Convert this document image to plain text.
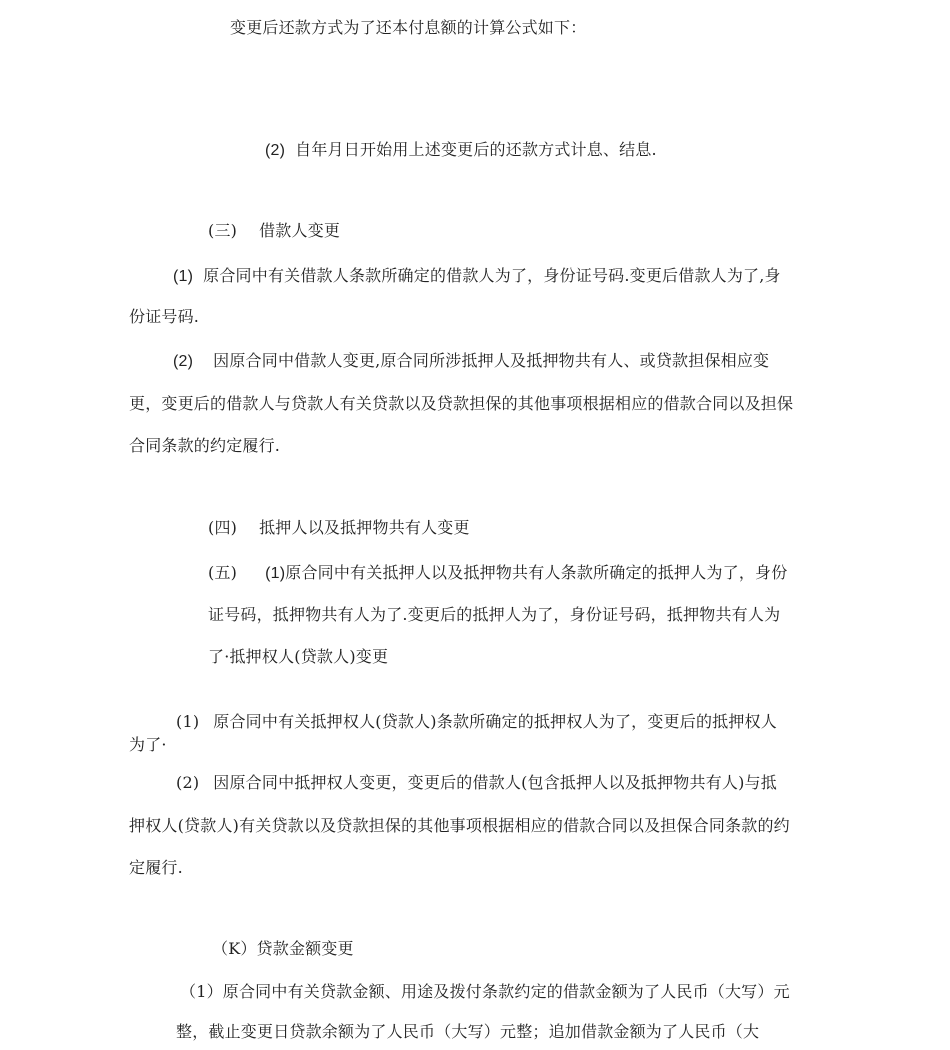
变更后还款方式为了还本付息额的计算公式如下：
(2) 自年月日开始用上述变更后的还款方式计息、结息.
(三) 借款人变更
(1) 原合同中有关借款人条款所确定的借款人为了，身份证号码.变更后借款人为了,身
份证号码.
(2) 因原合同中借款人变更,原合同所涉抵押人及抵押物共有人、或贷款担保相应变
更，变更后的借款人与贷款人有关贷款以及贷款担保的其他事项根据相应的借款合同以及担保
合同条款的约定履行.
(四) 抵押人以及抵押物共有人变更
(五) (1)原合同中有关抵押人以及抵押物共有人条款所确定的抵押人为了，身份
证号码，抵押物共有人为了.变更后的抵押人为了，身份证号码，抵押物共有人为
了·抵押权人(贷款人)变更
(1) 原合同中有关抵押权人(贷款人)条款所确定的抵押权人为了，变更后的抵押权人
为了·
(2) 因原合同中抵押权人变更，变更后的借款人(包含抵押人以及抵押物共有人)与抵
押权人(贷款人)有关贷款以及贷款担保的其他事项根据相应的借款合同以及担保合同条款的约
定履行.
（K）贷款金额变更
（1）原合同中有关贷款金额、用途及拨付条款约定的借款金额为了人民币（大写）元
整，截止变更日贷款余额为了人民币（大写）元整；追加借款金额为了人民币（大
